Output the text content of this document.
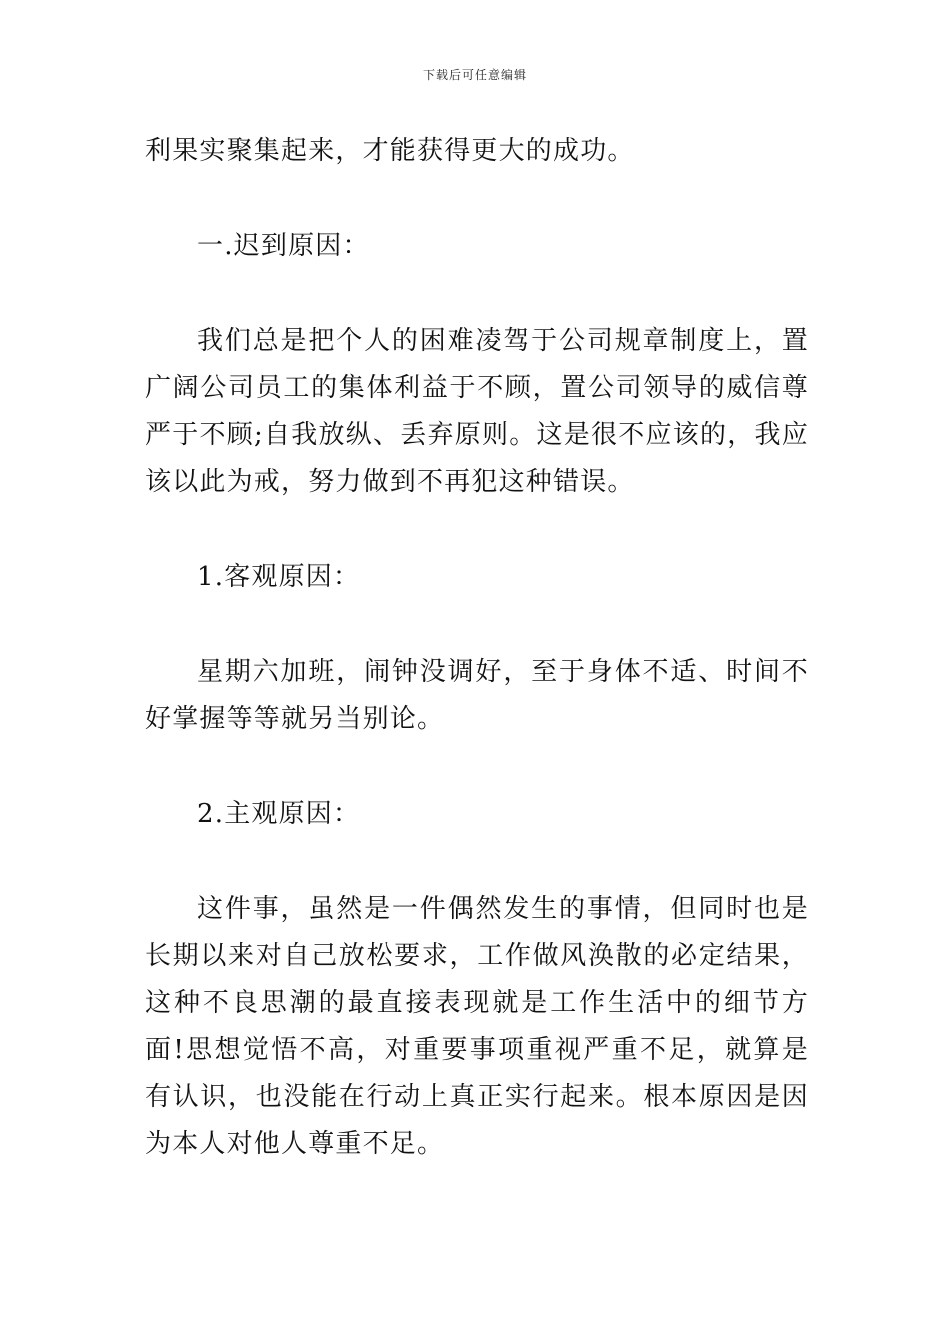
下载后可任意编辑

利果实聚集起来，才能获得更大的成功。

一.迟到原因：

我们总是把个人的困难凌驾于公司规章制度上，置广阔公司员工的集体利益于不顾，置公司领导的威信尊严于不顾;自我放纵、丢弃原则。这是很不应该的，我应该以此为戒，努力做到不再犯这种错误。

1.客观原因：

星期六加班，闹钟没调好，至于身体不适、时间不好掌握等等就另当别论。

2.主观原因：

这件事，虽然是一件偶然发生的事情，但同时也是长期以来对自己放松要求，工作做风涣散的必定结果，这种不良思潮的最直接表现就是工作生活中的细节方面!思想觉悟不高，对重要事项重视严重不足，就算是有认识，也没能在行动上真正实行起来。根本原因是因为本人对他人尊重不足。
